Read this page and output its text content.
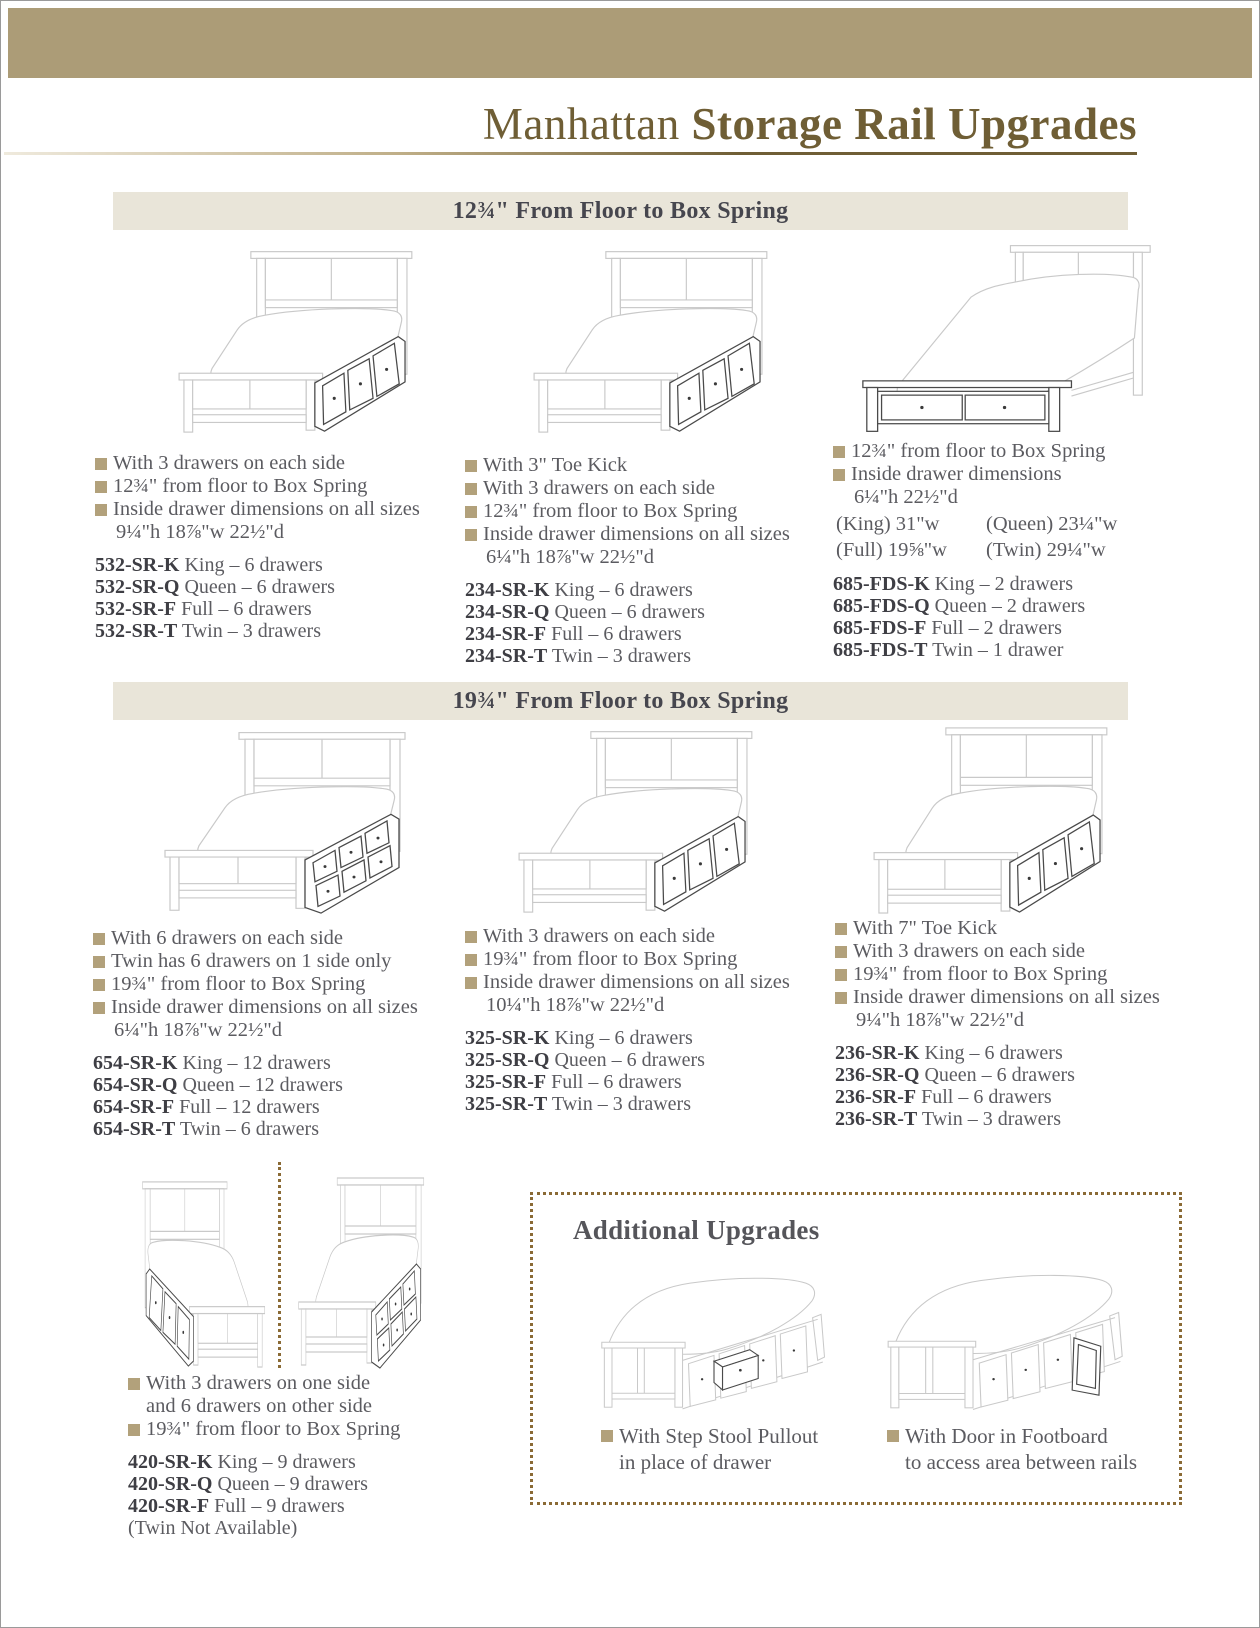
Manhattan Storage Rail Upgrades
12¾" From Floor to Box Spring
With 3 drawers on each side
12¾" from floor to Box Spring
Inside drawer dimensions on all sizes
9¼"h 18⅞"w 22½"d
532-SR-K King – 6 drawers
532-SR-Q Queen – 6 drawers
532-SR-F Full – 6 drawers
532-SR-T Twin – 3 drawers
With 3" Toe Kick
With 3 drawers on each side
12¾" from floor to Box Spring
Inside drawer dimensions on all sizes
6¼"h 18⅞"w 22½"d
234-SR-K King – 6 drawers
234-SR-Q Queen – 6 drawers
234-SR-F Full – 6 drawers
234-SR-T Twin – 3 drawers
12¾" from floor to Box Spring
Inside drawer dimensions
6¼"h 22½"d
(King) 31"w	(Queen) 23¼"w
(Full) 19⅝"w	(Twin) 29¼"w
685-FDS-K King – 2 drawers
685-FDS-Q Queen – 2 drawers
685-FDS-F Full – 2 drawers
685-FDS-T Twin – 1 drawer
19¾" From Floor to Box Spring
With 6 drawers on each side
Twin has 6 drawers on 1 side only
19¾" from floor to Box Spring
Inside drawer dimensions on all sizes
6¼"h 18⅞"w 22½"d
654-SR-K King – 12 drawers
654-SR-Q Queen – 12 drawers
654-SR-F Full – 12 drawers
654-SR-T Twin – 6 drawers
With 3 drawers on each side
19¾" from floor to Box Spring
Inside drawer dimensions on all sizes
10¼"h 18⅞"w 22½"d
325-SR-K King – 6 drawers
325-SR-Q Queen – 6 drawers
325-SR-F Full – 6 drawers
325-SR-T Twin – 3 drawers
With 7" Toe Kick
With 3 drawers on each side
19¾" from floor to Box Spring
Inside drawer dimensions on all sizes
9¼"h 18⅞"w 22½"d
236-SR-K King – 6 drawers
236-SR-Q Queen – 6 drawers
236-SR-F Full – 6 drawers
236-SR-T Twin – 3 drawers
With 3 drawers on one side
and 6 drawers on other side
19¾" from floor to Box Spring
420-SR-K King – 9 drawers
420-SR-Q Queen – 9 drawers
420-SR-F Full – 9 drawers
(Twin Not Available)
Additional Upgrades
With Step Stool Pullout
in place of drawer
With Door in Footboard
to access area between rails
